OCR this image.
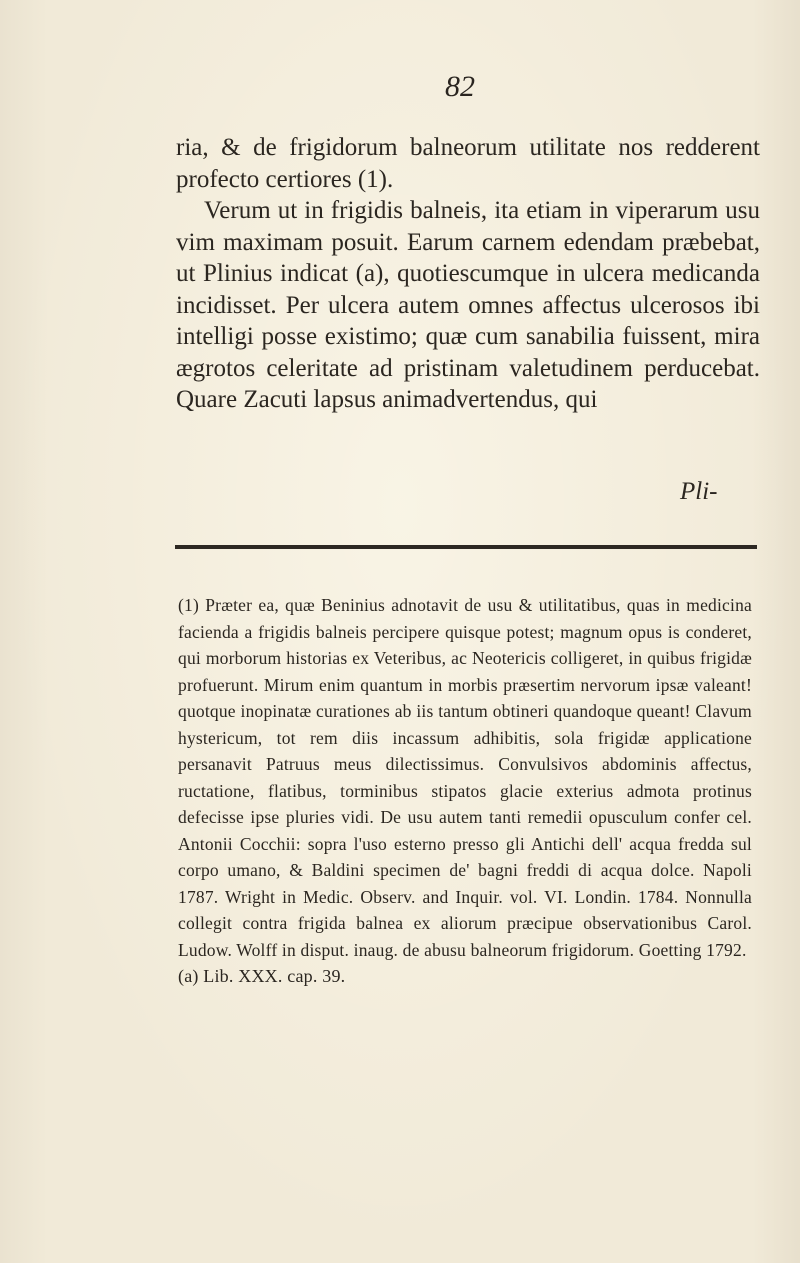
82

ria, & de frigidorum balneorum utilitate nos redderent profecto certiores (1).

Verum ut in frigidis balneis, ita etiam in viperarum usu vim maximam posuit. Earum carnem edendam præbebat, ut Plinius indicat (a), quotiescumque in ulcera medicanda incidisset. Per ulcera autem omnes affectus ulcerosos ibi intelligi posse existimo; quæ cum sanabilia fuissent, mira ægrotos celeritate ad pristinam valetudinem perducebat. Quare Zacuti lapsus animadvertendus, qui

Pli-

(1) Præter ea, quæ Beninius adnotavit de usu & utilitatibus, quas in medicina facienda a frigidis balneis percipere quisque potest; magnum opus is conderet, qui morborum historias ex Veteribus, ac Neotericis colligeret, in quibus frigidæ profuerunt. Mirum enim quantum in morbis præsertim nervorum ipsæ valeant! quotque inopinatæ curationes ab iis tantum obtineri quandoque queant! Clavum hystericum, tot rem diis incassum adhibitis, sola frigidæ applicatione persanavit Patruus meus dilectissimus. Convulsivos abdominis affectus, ructatione, flatibus, torminibus stipatos glacie exterius admota protinus defecisse ipse pluries vidi. De usu autem tanti remedii opusculum confer cel. Antonii Cocchii: sopra l'uso esterno presso gli Antichi dell' acqua fredda sul corpo umano, & Baldini specimen de' bagni freddi di acqua dolce. Napoli 1787. Wright in Medic. Observ. and Inquir. vol. VI. Londin. 1784. Nonnulla collegit contra frigida balnea ex aliorum præcipue observationibus Carol. Ludow. Wolff in disput. inaug. de abusu balneorum frigidorum. Goetting 1792.

(a) Lib. XXX. cap. 39.
